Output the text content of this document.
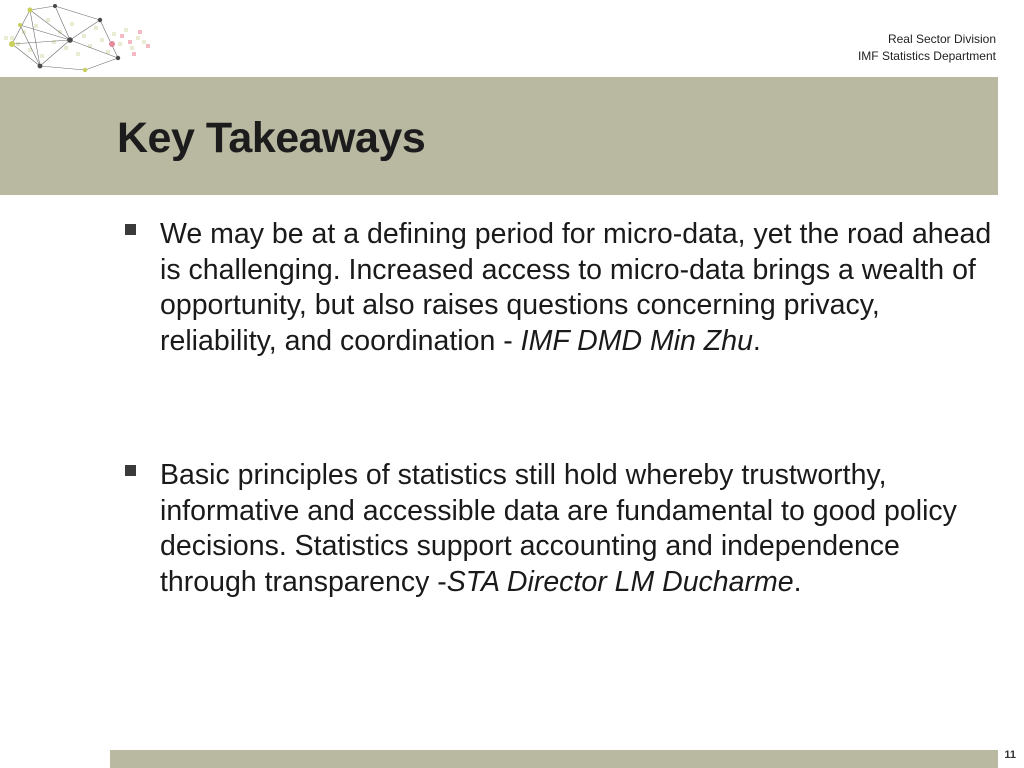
Real Sector Division
IMF Statistics Department
Key Takeaways

We may be at a defining period for micro-data, yet the road ahead is challenging. Increased access to micro-data brings a wealth of opportunity, but also raises questions concerning privacy, reliability, and coordination - IMF DMD Min Zhu.

Basic principles of statistics still hold whereby trustworthy, informative and accessible data are fundamental to good policy decisions. Statistics support accounting and independence through transparency -STA Director LM Ducharme.

11
